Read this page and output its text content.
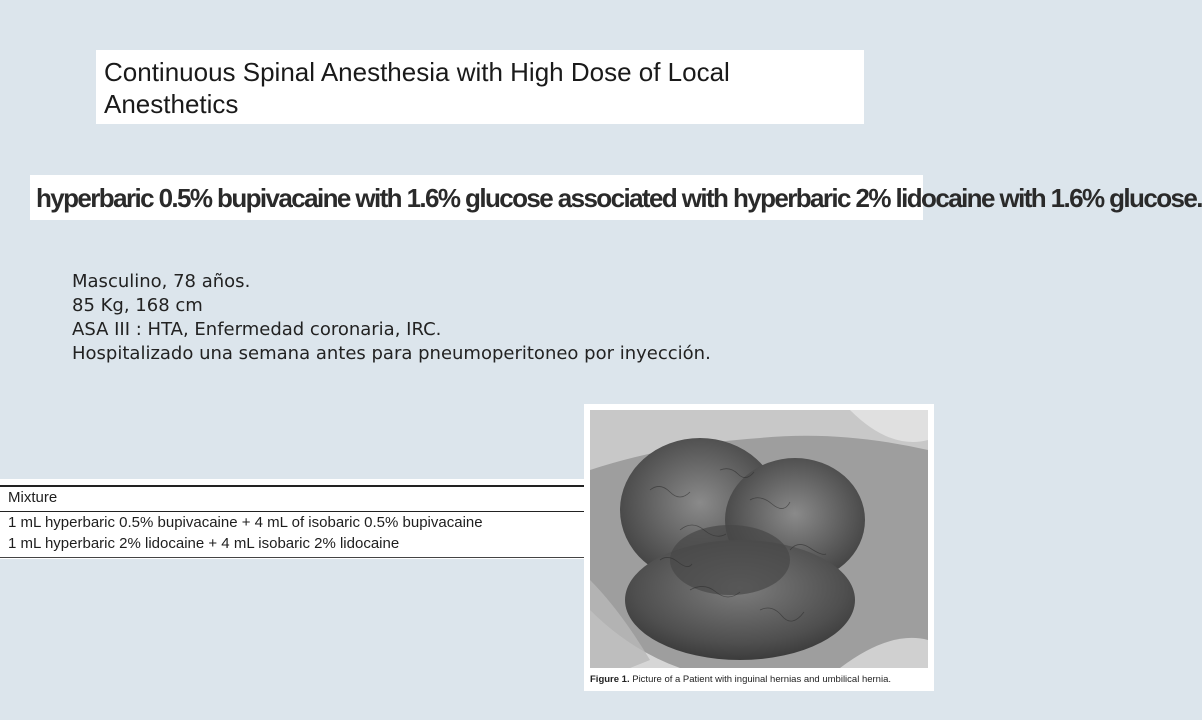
Continuous Spinal Anesthesia with High Dose of Local
Anesthetics
hyperbaric 0.5% bupivacaine with 1.6% glucose associated with hyperbaric 2% lidocaine with 1.6% glucose.
Masculino, 78 años.
85 Kg, 168 cm
ASA III : HTA, Enfermedad coronaria, IRC.
Hospitalizado una semana antes para pneumoperitoneo por inyección.
Mixture
1 mL hyperbaric 0.5% bupivacaine + 4 mL of isobaric 0.5% bupivacaine
1 mL hyperbaric 2% lidocaine + 4 mL isobaric 2% lidocaine
Figure 1. Picture of a Patient with inguinal hernias and umbilical hernia.
